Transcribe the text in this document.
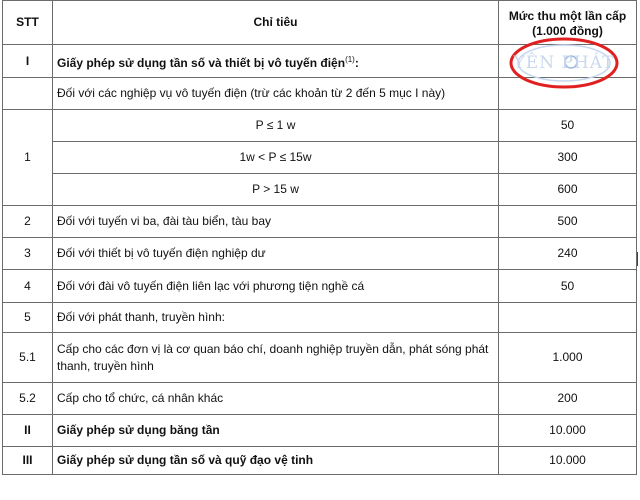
STT	Chỉ tiêu	Mức thu một lần cấp
(1.000 đồng)

I	Giấy phép sử dụng tần số và thiết bị vô tuyến điện$^{(1)}$:	
	Đối với các nghiệp vụ vô tuyến điện (trừ các khoản từ 2 đến 5 mục I này)	
1	P ≤ 1 w	50
	1w < P ≤ 15w	300
	P > 15 w	600
2	Đối với tuyến vi ba, đài tàu biển, tàu bay	500
3	Đối với thiết bị vô tuyến điện nghiệp dư	240
4	Đối với đài vô tuyến điện liên lạc với phương tiện nghề cá	50
5	Đối với phát thanh, truyền hình:	
5.1	Cấp cho các đơn vị là cơ quan báo chí, doanh nghiệp truyền dẫn, phát sóng phát thanh, truyền hình	1.000
5.2	Cấp cho tổ chức, cá nhân khác	200
II	Giấy phép sử dụng băng tần	10.000
III	Giấy phép sử dụng tần số và quỹ đạo vệ tinh	10.000
YÊN PHÁT
